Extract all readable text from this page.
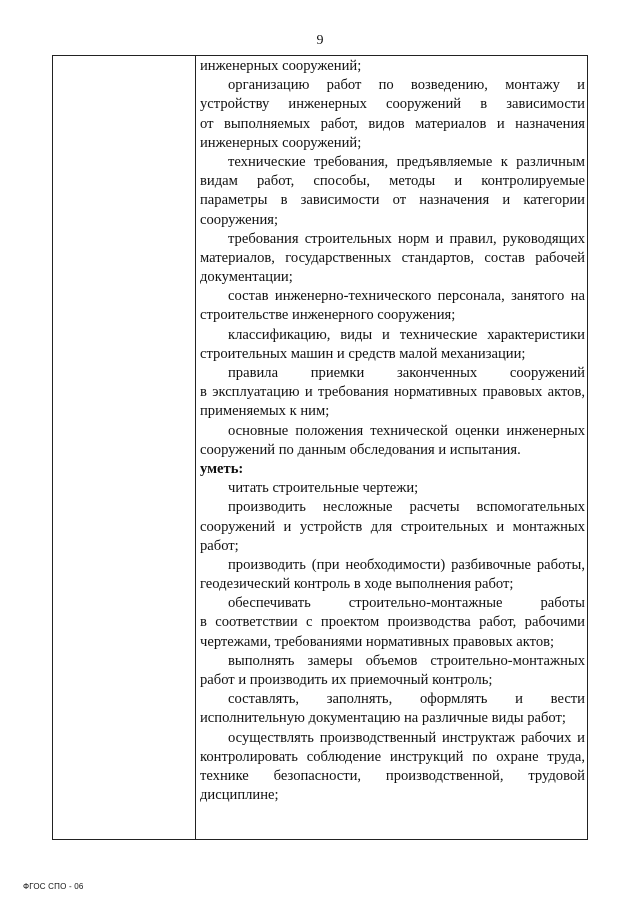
9
инженерных сооружений;
организацию работ по возведению, монтажу и
устройству инженерных сооружений в зависимости
от выполняемых работ, видов материалов и назначения
инженерных сооружений;
технические требования, предъявляемые к различным
видам работ, способы, методы и контролируемые
параметры в зависимости от назначения и категории
сооружения;
требования строительных норм и правил, руководящих
материалов, государственных стандартов, состав рабочей
документации;
состав инженерно-технического персонала, занятого на
строительстве инженерного сооружения;
классификацию, виды и технические характеристики
строительных машин и средств малой механизации;
правила приемки законченных сооружений
в эксплуатацию и требования нормативных правовых актов,
применяемых к ним;
основные положения технической оценки инженерных
сооружений по данным обследования и испытания.
уметь:
читать строительные чертежи;
производить несложные расчеты вспомогательных
сооружений и устройств для строительных и монтажных
работ;
производить (при необходимости) разбивочные работы,
геодезический контроль в ходе выполнения работ;
обеспечивать строительно-монтажные работы
в соответствии с проектом производства работ, рабочими
чертежами, требованиями нормативных правовых актов;
выполнять замеры объемов строительно-монтажных
работ и производить их приемочный контроль;
составлять, заполнять, оформлять и вести
исполнительную документацию на различные виды работ;
осуществлять производственный инструктаж рабочих и
контролировать соблюдение инструкций по охране труда,
технике безопасности, производственной, трудовой
дисциплине;
ФГОС СПО - 06
